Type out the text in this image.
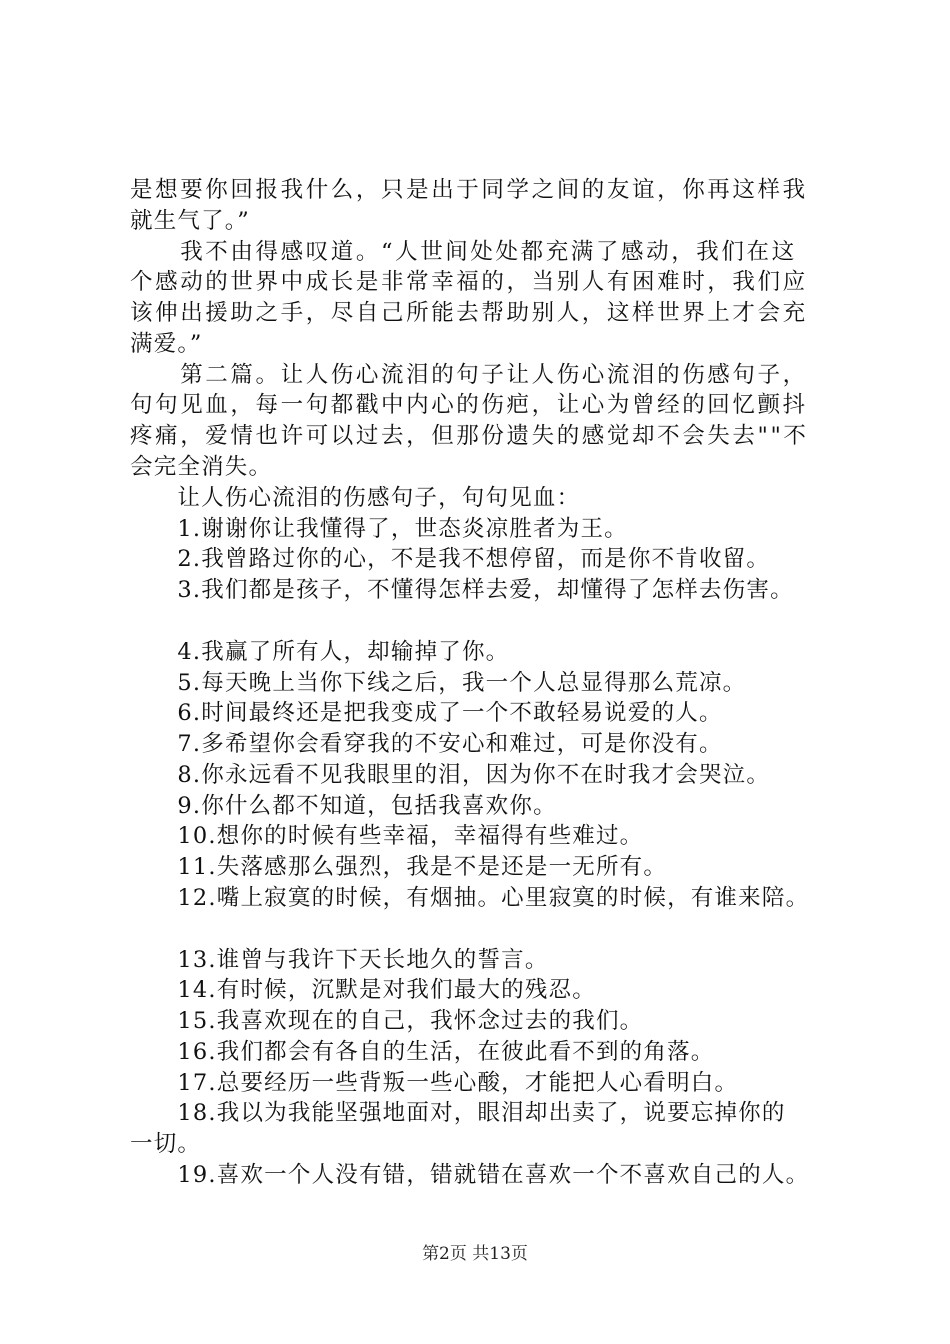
是想要你回报我什么，只是出于同学之间的友谊，你再这样我
就生气了。”
　　我不由得感叹道。“人世间处处都充满了感动，我们在这
个感动的世界中成长是非常幸福的，当别人有困难时，我们应
该伸出援助之手，尽自己所能去帮助别人，这样世界上才会充
满爱。”
　　第二篇。让人伤心流泪的句子让人伤心流泪的伤感句子，
句句见血，每一句都戳中内心的伤疤，让心为曾经的回忆颤抖
疼痛，爱情也许可以过去，但那份遗失的感觉却不会失去""不
会完全消失。
　　让人伤心流泪的伤感句子，句句见血：
　　1.谢谢你让我懂得了，世态炎凉胜者为王。
　　2.我曾路过你的心，不是我不想停留，而是你不肯收留。
　　3.我们都是孩子，不懂得怎样去爱，却懂得了怎样去伤害。
　　4.我赢了所有人，却输掉了你。
　　5.每天晚上当你下线之后，我一个人总显得那么荒凉。
　　6.时间最终还是把我变成了一个不敢轻易说爱的人。
　　7.多希望你会看穿我的不安心和难过，可是你没有。
　　8.你永远看不见我眼里的泪，因为你不在时我才会哭泣。
　　9.你什么都不知道，包括我喜欢你。
　　10.想你的时候有些幸福，幸福得有些难过。
　　11.失落感那么强烈，我是不是还是一无所有。
　　12.嘴上寂寞的时候，有烟抽。心里寂寞的时候，有谁来陪。
　　13.谁曾与我许下天长地久的誓言。
　　14.有时候，沉默是对我们最大的残忍。
　　15.我喜欢现在的自己，我怀念过去的我们。
　　16.我们都会有各自的生活，在彼此看不到的角落。
　　17.总要经历一些背叛一些心酸，才能把人心看明白。
　　18.我以为我能坚强地面对，眼泪却出卖了，说要忘掉你的
一切。
　　19.喜欢一个人没有错，错就错在喜欢一个不喜欢自己的人。
第2页 共13页
